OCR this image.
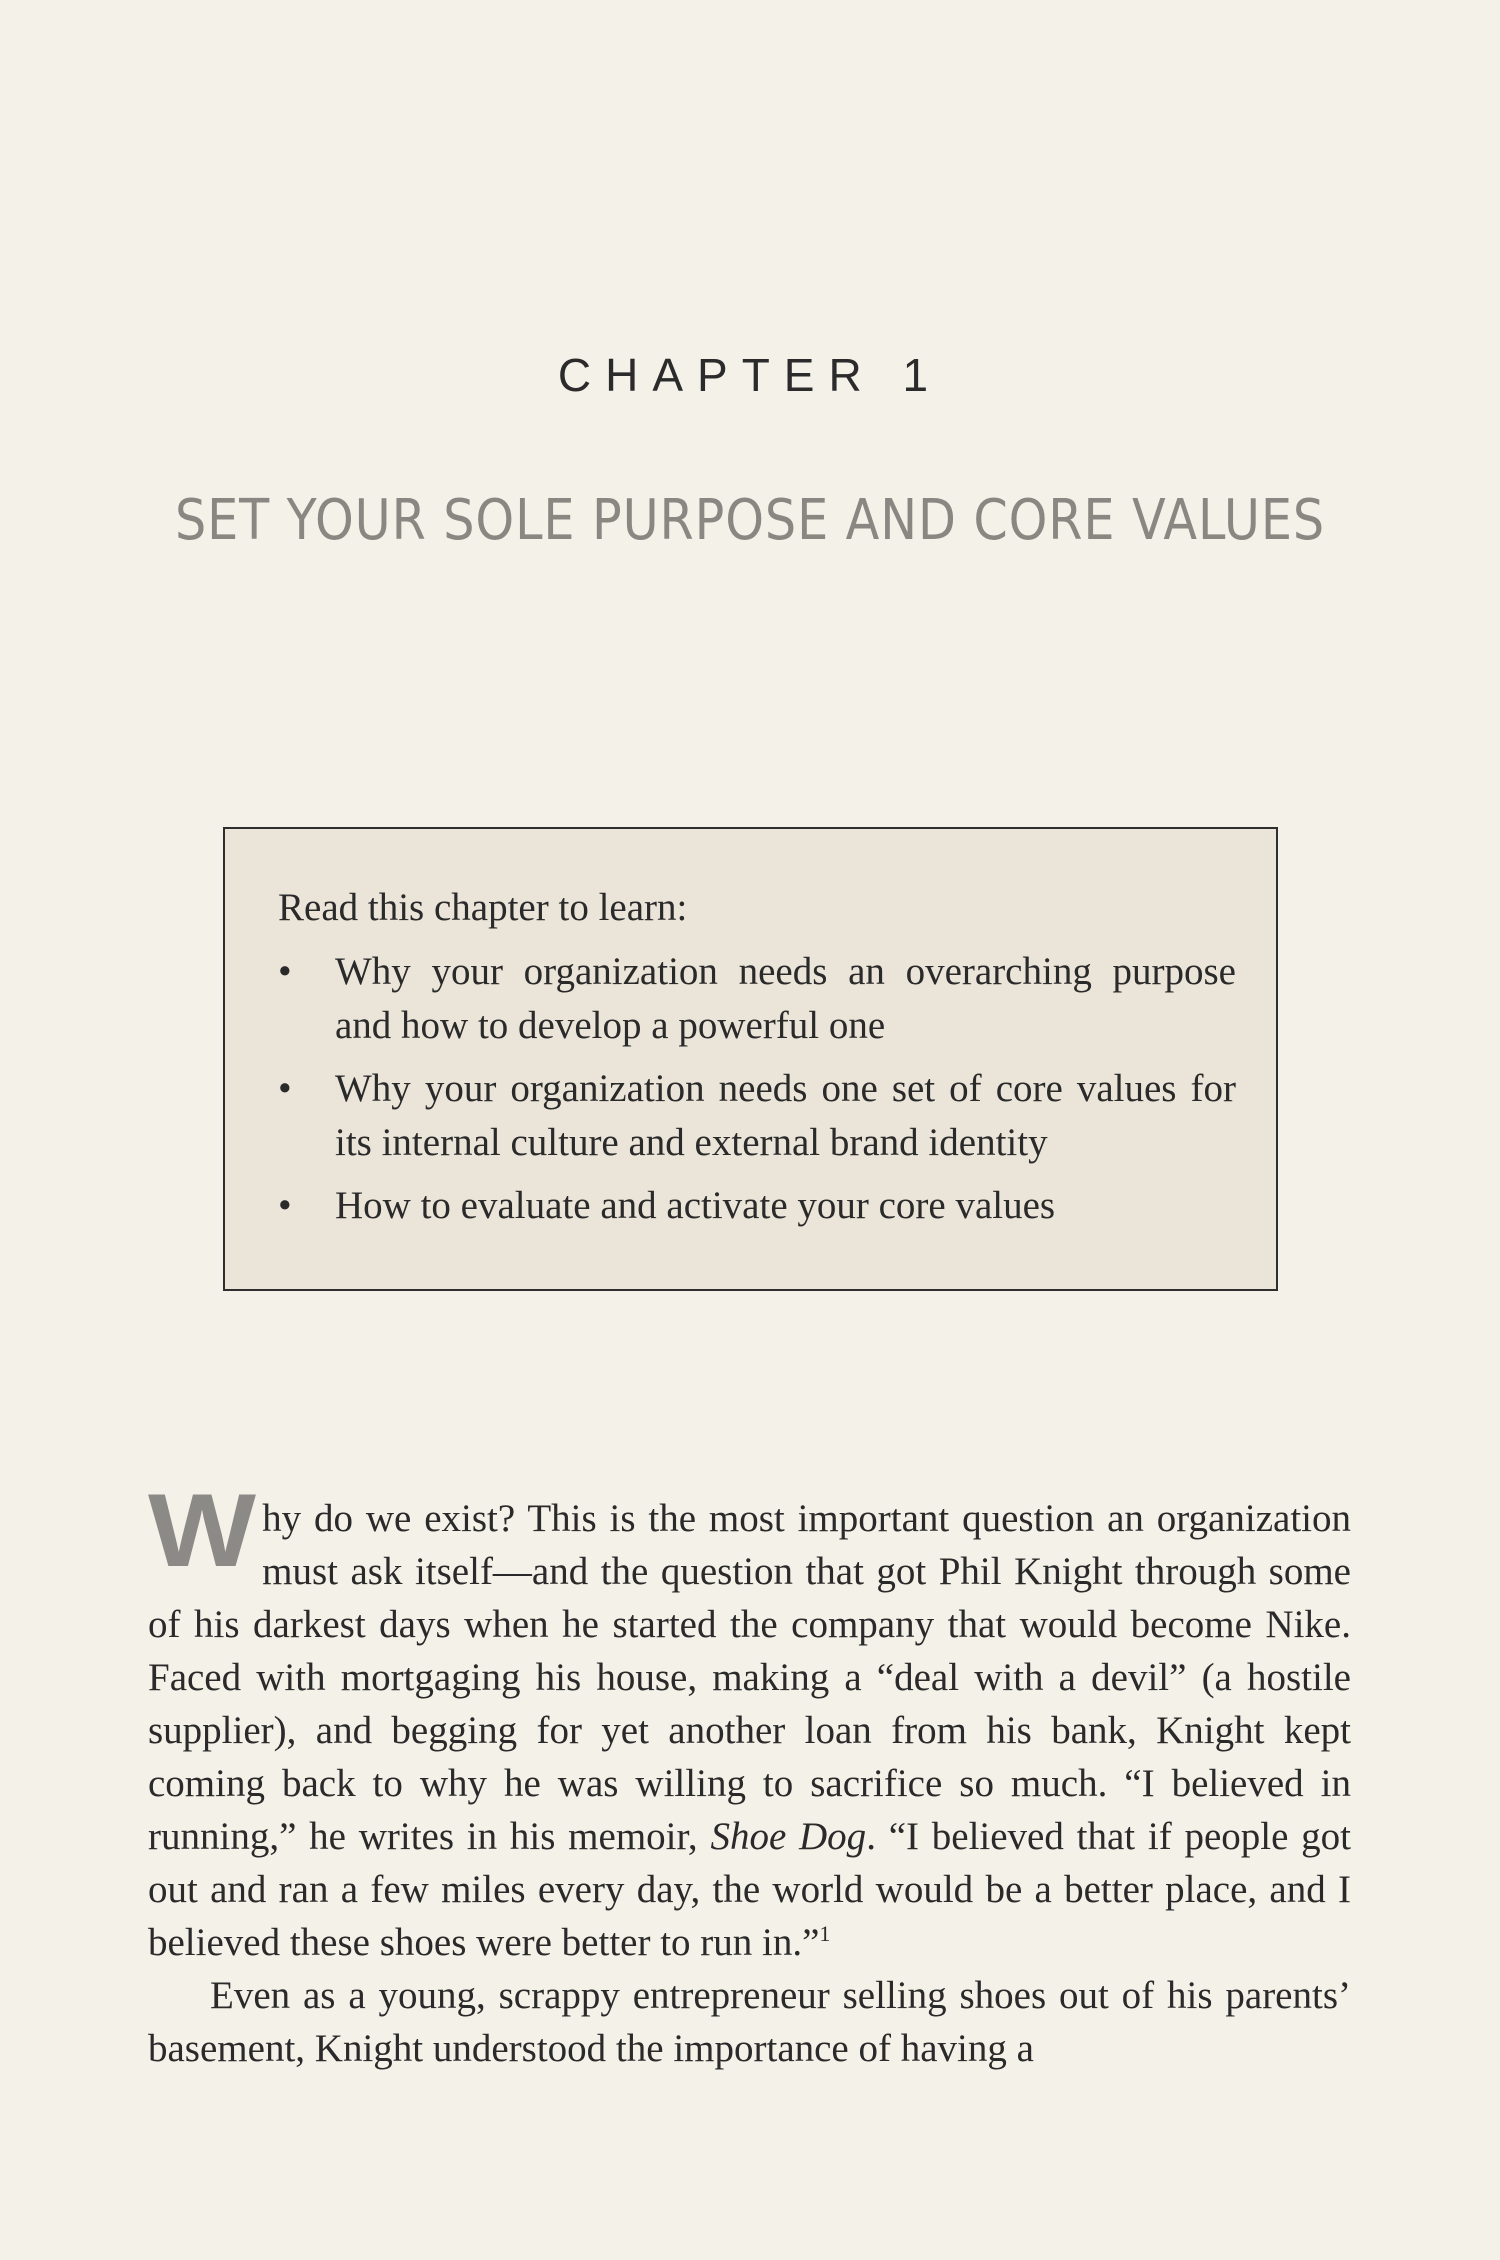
CHAPTER 1
SET YOUR SOLE PURPOSE AND CORE VALUES
Read this chapter to learn:
• Why your organization needs an overarching purpose and how to develop a powerful one
• Why your organization needs one set of core values for its internal culture and external brand identity
• How to evaluate and activate your core values

Why do we exist? This is the most important question an organization must ask itself—and the question that got Phil Knight through some of his darkest days when he started the company that would become Nike. Faced with mortgaging his house, making a “deal with a devil” (a hostile supplier), and begging for yet another loan from his bank, Knight kept coming back to why he was willing to sacrifice so much. “I believed in running,” he writes in his memoir, Shoe Dog. “I believed that if people got out and ran a few miles every day, the world would be a better place, and I believed these shoes were better to run in.”$^1$

Even as a young, scrappy entrepreneur selling shoes out of his parents’ basement, Knight understood the importance of having a
